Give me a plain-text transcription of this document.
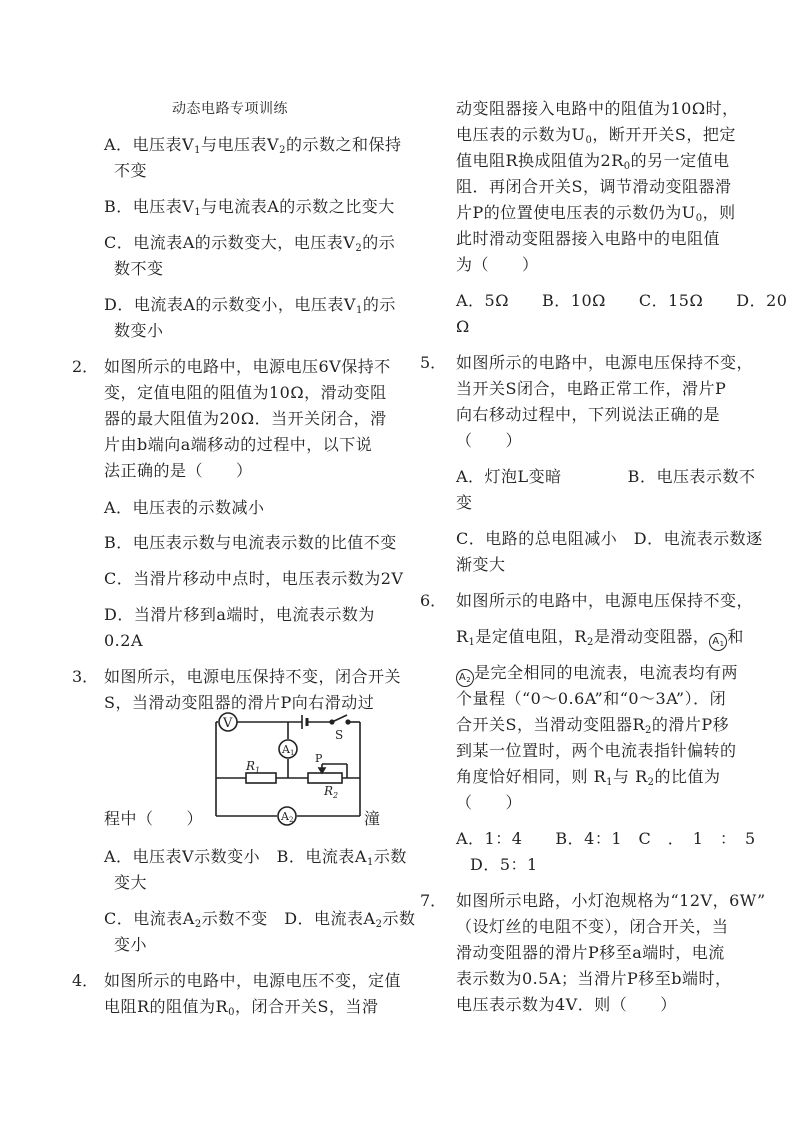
动态电路专项训练
A．电压表$V_1$与电压表$V_2$的示数之和保持
不变
B．电压表$V_1$与电流表A的示数之比变大
C．电流表A的示数变大，电压表$V_2$的示
数不变
D．电流表A的示数变小，电压表$V_1$的示
数变小
2． 如图所示的电路中，电源电压6V保持不
变，定值电阻的阻值为10Ω，滑动变阻
器的最大阻值为20Ω．当开关闭合，滑
片由b端向a端移动的过程中，以下说
法正确的是（　　）
A．电压表的示数减小
B．电压表示数与电流表示数的比值不变
C．当滑片移动中点时，电压表示数为2V
D．当滑片移到a端时，电流表示数为
0.2A
3． 如图所示，电源电压保持不变，闭合开关
S，当滑动变阻器的滑片P向右滑动过
V
S
A1
$R_1$
$R_2$
P
A2
程中（　　）	潼
A．电压表V示数变小　B．电流表$A_1$示数
变大
C．电流表$A_2$示数不变　D．电流表$A_2$示数
变小
4． 如图所示的电路中，电源电压不变，定值
电阻R的阻值为$R_0$，闭合开关S，当滑
动变阻器接入电路中的阻值为10Ω时，
电压表的示数为$U_0$，断开开关S，把定
值电阻R换成阻值为$2R_0$的另一定值电
阻．再闭合开关S，调节滑动变阻器滑
片P的位置使电压表的示数仍为$U_0$，则
此时滑动变阻器接入电路中的电阻值
为（　　）
A．5Ω　　B．10Ω　　C．15Ω　　D．20
Ω
5． 如图所示的电路中，电源电压保持不变，
当开关S闭合，电路正常工作，滑片P
向右移动过程中，下列说法正确的是
（　　）
A．灯泡L变暗　　　　B．电压表示数不
变
C．电路的总电阻减小　D．电流表示数逐
渐变大
6． 如图所示的电路中，电源电压保持不变，
$R_1$是定值电阻，$R_2$是滑动变阻器， $A_1$ 和
$A_2$ 是完全相同的电流表，电流表均有两
个量程（“0～0.6A”和“0～3A”）．闭
合开关S，当滑动变阻器$R_2$的滑片P移
到某一位置时，两个电流表指针偏转的
角度恰好相同，则 $R_1$与 $R_2$的比值为
（　　）
A．1：4　　B．4：1　C　．　1　：　5
D．5：1
7． 如图所示电路，小灯泡规格为“12V，6W”
（设灯丝的电阻不变），闭合开关，当
滑动变阻器的滑片P移至a端时，电流
表示数为0.5A；当滑片P移至b端时，
电压表示数为4V．则（　　）
